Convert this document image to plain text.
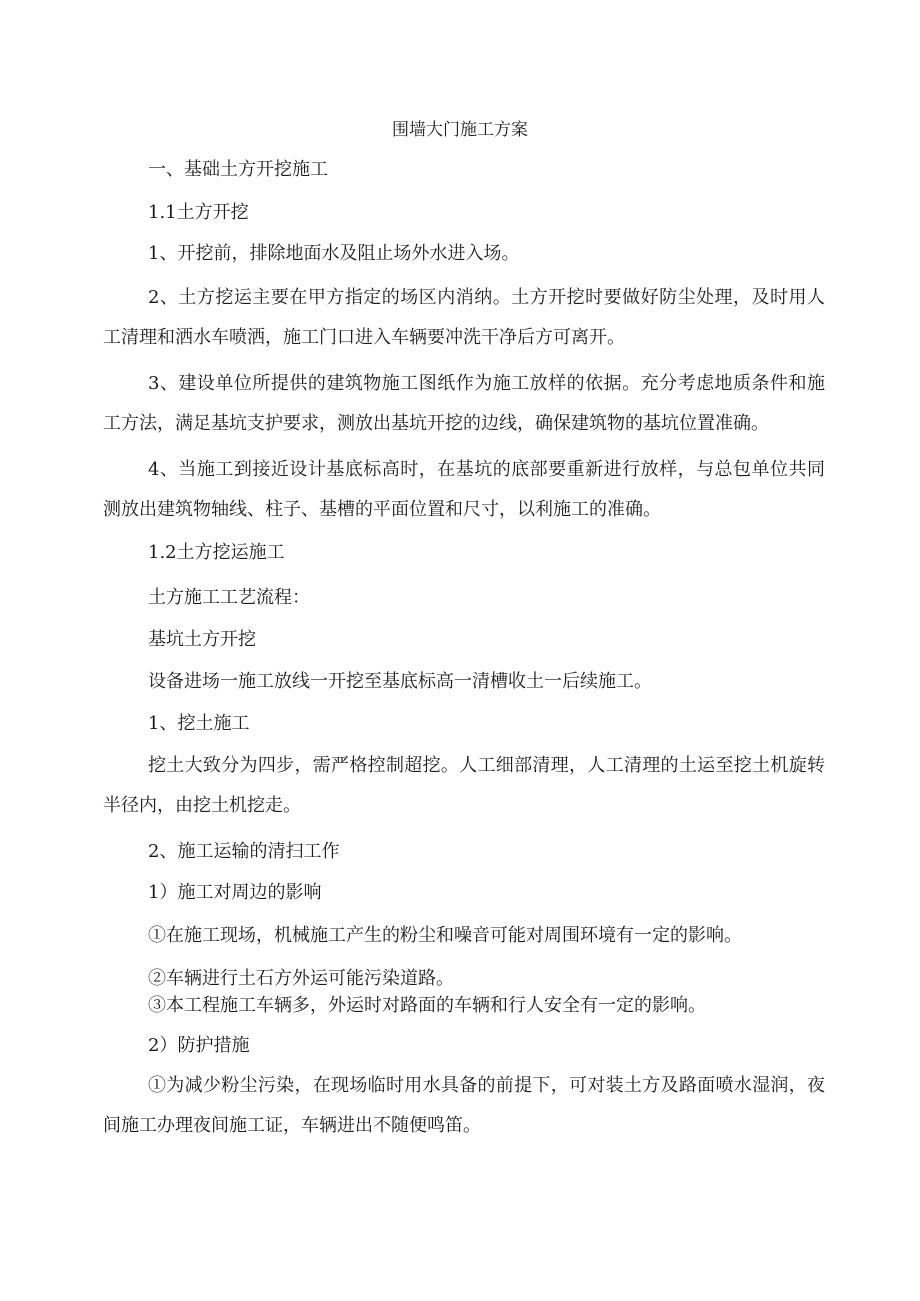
围墙大门施工方案
一、基础土方开挖施工
1.1土方开挖
1、开挖前，排除地面水及阻止场外水进入场。
2、土方挖运主要在甲方指定的场区内消纳。土方开挖时要做好防尘处理，及时用人工清理和洒水车喷洒，施工门口进入车辆要冲洗干净后方可离开。
3、建设单位所提供的建筑物施工图纸作为施工放样的依据。充分考虑地质条件和施工方法，满足基坑支护要求，测放出基坑开挖的边线，确保建筑物的基坑位置准确。
4、当施工到接近设计基底标高时，在基坑的底部要重新进行放样，与总包单位共同测放出建筑物轴线、柱子、基槽的平面位置和尺寸，以利施工的准确。
1.2土方挖运施工
土方施工工艺流程：
基坑土方开挖
设备进场一施工放线一开挖至基底标高一清槽收土一后续施工。
1、挖土施工
挖土大致分为四步，需严格控制超挖。人工细部清理，人工清理的土运至挖土机旋转半径内，由挖土机挖走。
2、施工运输的清扫工作
1）施工对周边的影响
①在施工现场，机械施工产生的粉尘和噪音可能对周围环境有一定的影响。
②车辆进行土石方外运可能污染道路。
③本工程施工车辆多，外运时对路面的车辆和行人安全有一定的影响。
2）防护措施
①为减少粉尘污染，在现场临时用水具备的前提下，可对装土方及路面喷水湿润，夜间施工办理夜间施工证，车辆进出不随便鸣笛。
